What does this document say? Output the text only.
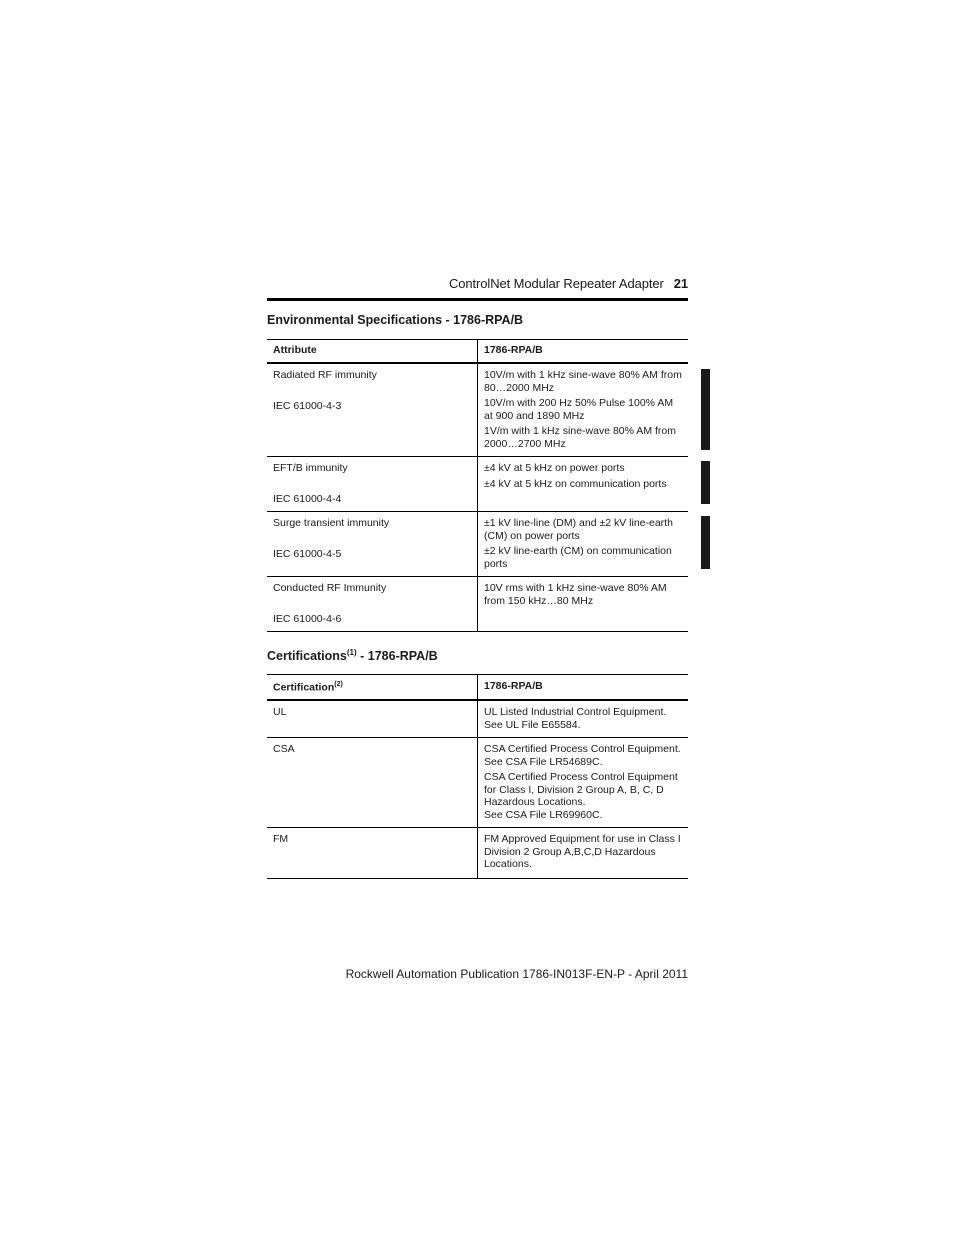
ControlNet Modular Repeater Adapter 21
Environmental Specifications - 1786-RPA/B
Attribute	1786-RPA/B

Radiated RF immunity
IEC 61000-4-3	10V/m with 1 kHz sine-wave 80% AM from 80…2000 MHz
10V/m with 200 Hz 50% Pulse 100% AM at 900 and 1890 MHz
1V/m with 1 kHz sine-wave 80% AM from 2000…2700 MHz

EFT/B immunity
IEC 61000-4-4	±4 kV at 5 kHz on power ports
±4 kV at 5 kHz on communication ports

Surge transient immunity
IEC 61000-4-5	±1 kV line-line (DM) and ±2 kV line-earth (CM) on power ports
±2 kV line-earth (CM) on communication ports

Conducted RF Immunity
IEC 61000-4-6	10V rms with 1 kHz sine-wave 80% AM from 150 kHz…80 MHz
Certifications$^{(1)}$ - 1786-RPA/B
Certification$^{(2)}$	1786-RPA/B

UL	UL Listed Industrial Control Equipment.
See UL File E65584.

CSA	CSA Certified Process Control Equipment.
See CSA File LR54689C.
CSA Certified Process Control Equipment for Class I, Division 2 Group A, B, C, D Hazardous Locations.
See CSA File LR69960C.

FM	FM Approved Equipment for use in Class I Division 2 Group A,B,C,D Hazardous Locations.
Rockwell Automation Publication 1786-IN013F-EN-P - April 2011
